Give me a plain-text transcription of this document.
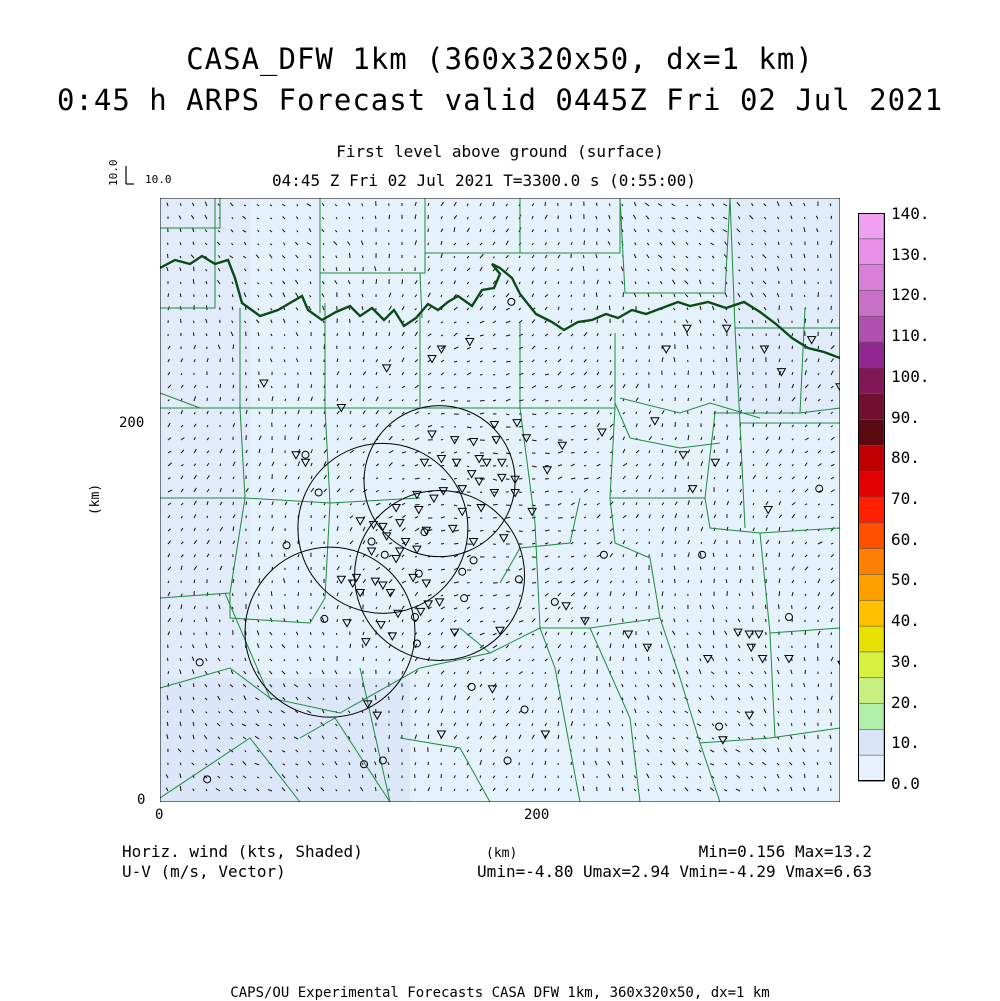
CASA_DFW 1km (360x320x50, dx=1 km)
0:45 h ARPS Forecast valid 0445Z Fri 02 Jul 2021
First level above ground (surface)
04:45 Z Fri 02 Jul 2021 T=3300.0 s (0:55:00)
10.0 10.0
(km)
0
200
0	200
140.
130.
120.
110.
100.
90.
80.
70.
60.
50.
40.
30.
20.
10.
0.0
Horiz. wind (kts, Shaded)
U-V (m/s, Vector)
(km)	Min=0.156 Max=13.2
Umin=-4.80 Umax=2.94 Vmin=-4.29 Vmax=6.63
CAPS/OU Experimental Forecasts CASA DFW 1km, 360x320x50, dx=1 km
